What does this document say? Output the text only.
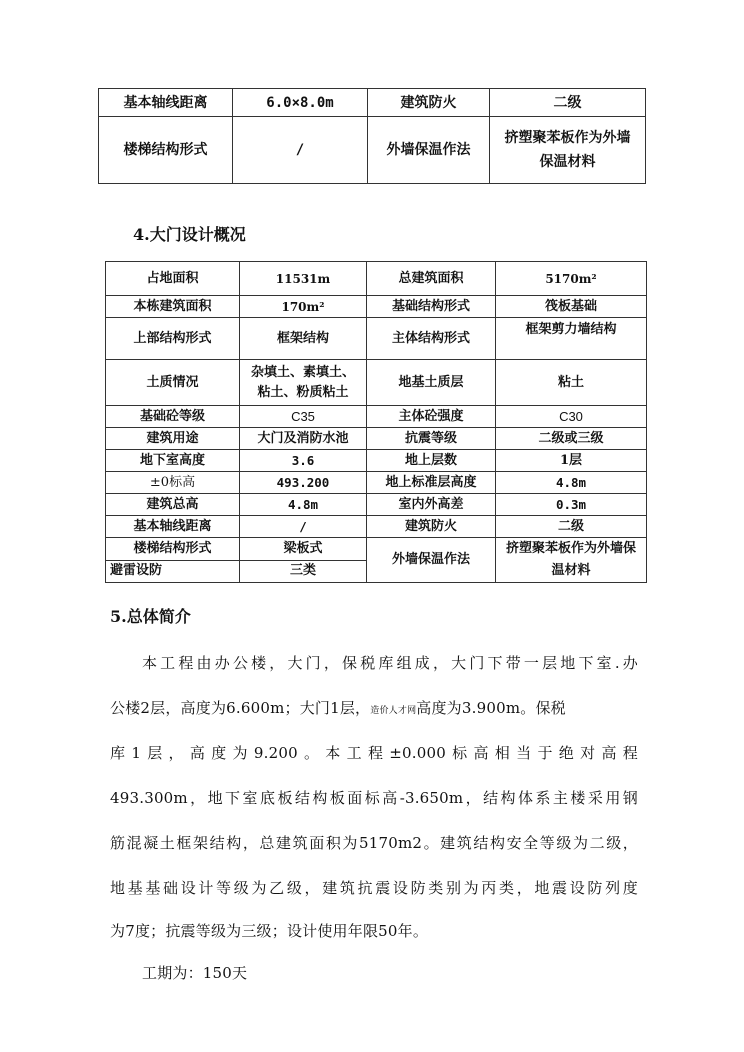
基本轴线距离	6.0×8.0m	建筑防火	二级
楼梯结构形式	/	外墙保温作法	挤塑聚苯板作为外墙保温材料
4.大门设计概况
占地面积	11531m	总建筑面积	5170m²
本栋建筑面积	170m²	基础结构形式	筏板基础
上部结构形式	框架结构	主体结构形式	框架剪力墙结构
土质情况	杂填土、素填土、粘土、粉质粘土	地基土质层	粘土
基础砼等级	C35	主体砼强度	C30
建筑用途	大门及消防水池	抗震等级	二级或三级
地下室高度	3.6	地上层数	1层
±0标高	493.200	地上标准层高度	4.8m
建筑总高	4.8m	室内外高差	0.3m
基本轴线距离	/	建筑防火	二级
楼梯结构形式	梁板式	外墙保温作法	挤塑聚苯板作为外墙保温材料
避雷设防	三类		
5.总体简介
本工程由办公楼，大门，保税库组成，大门下带一层地下室.办
公楼2层，高度为6.600m；大门1层，造价人才网高度为3.900m。保税
库1层，高度为9.200。本工程±0.000标高相当于绝对高程
493.300m，地下室底板结构板面标高-3.650m，结构体系主楼采用钢
筋混凝土框架结构，总建筑面积为5170m2。建筑结构安全等级为二级，
地基基础设计等级为乙级，建筑抗震设防类别为丙类，地震设防列度
为7度；抗震等级为三级；设计使用年限50年。
工期为：150天
